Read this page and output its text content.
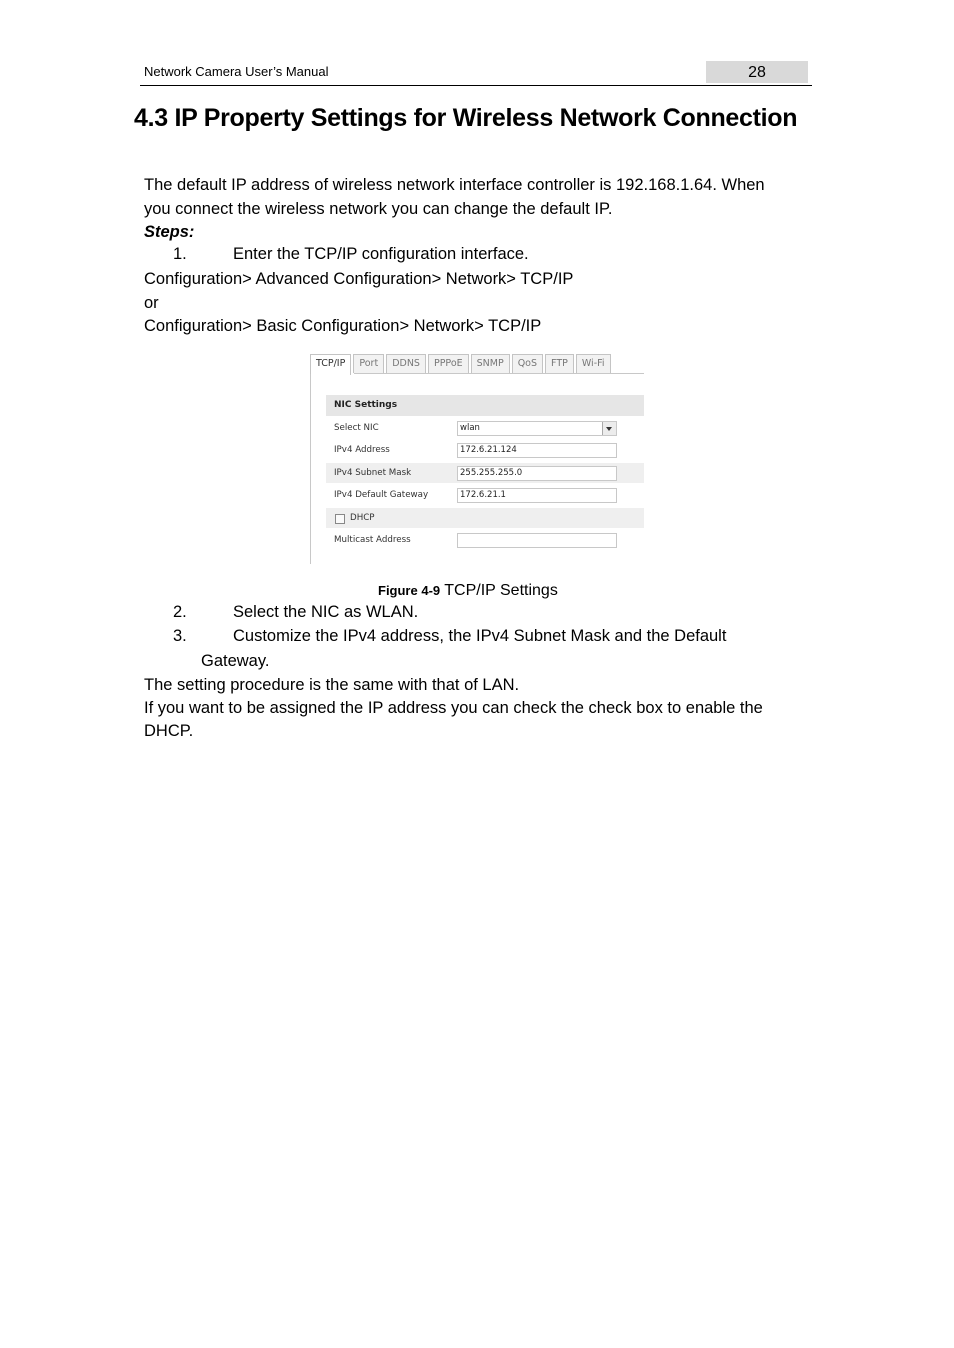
Network Camera User’s Manual	28
4.3 IP Property Settings for Wireless Network Connection
The default IP address of wireless network interface controller is 192.168.1.64. When
you connect the wireless network you can change the default IP.
Steps:
1.	Enter the TCP/IP configuration interface.
Configuration> Advanced Configuration> Network> TCP/IP
or
Configuration> Basic Configuration> Network> TCP/IP
TCP/IP	Port	DDNS	PPPoE	SNMP	QoS	FTP	Wi-Fi
NIC Settings
Select NIC	wlan
IPv4 Address	172.6.21.124
IPv4 Subnet Mask	255.255.255.0
IPv4 Default Gateway	172.6.21.1
DHCP
Multicast Address
Figure 4-9 TCP/IP Settings
2.	Select the NIC as WLAN.
3.	Customize the IPv4 address, the IPv4 Subnet Mask and the Default
Gateway.
The setting procedure is the same with that of LAN.
If you want to be assigned the IP address you can check the check box to enable the
DHCP.
